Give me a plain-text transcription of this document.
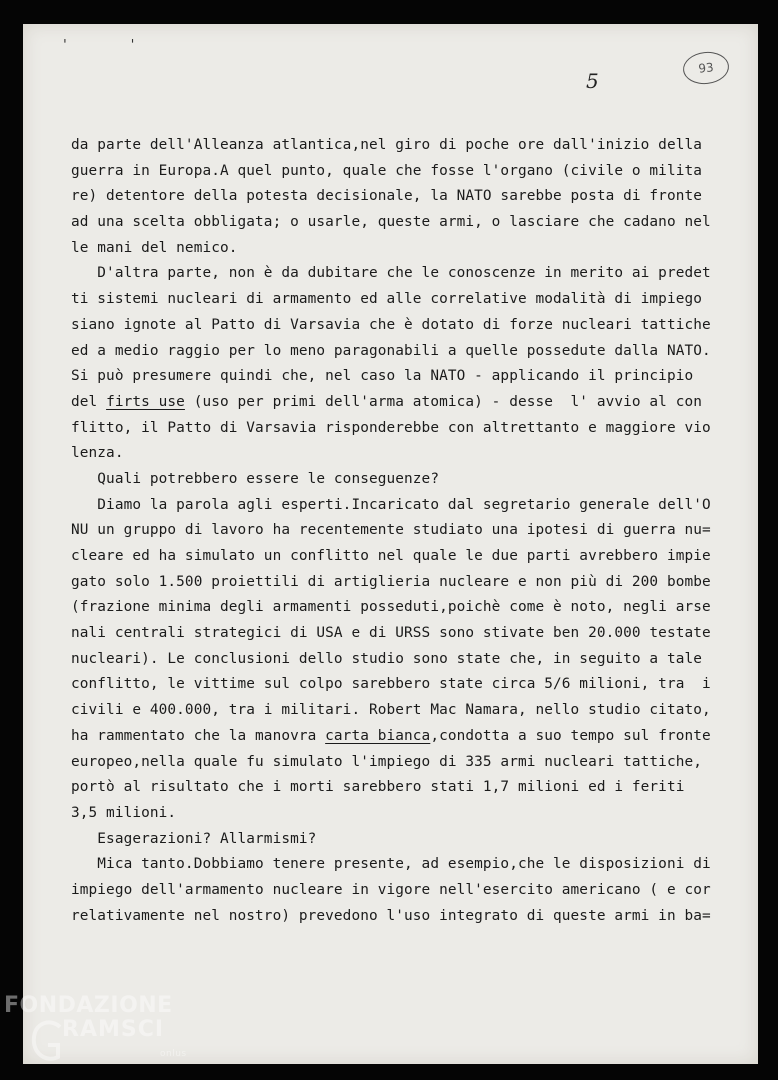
' '
5
93
da parte dell'Alleanza atlantica,nel giro di poche ore dall'inizio della
guerra in Europa.A quel punto, quale che fosse l'organo (civile o milita
re) detentore della potesta decisionale, la NATO sarebbe posta di fronte
ad una scelta obbligata; o usarle, queste armi, o lasciare che cadano nel
le mani del nemico.
D'altra parte, non è da dubitare che le conoscenze in merito ai predet
ti sistemi nucleari di armamento ed alle correlative modalità di impiego
siano ignote al Patto di Varsavia che è dotato di forze nucleari tattiche
ed a medio raggio per lo meno paragonabili a quelle possedute dalla NATO.
Si può presumere quindi che, nel caso la NATO - applicando il principio
del firts use (uso per primi dell'arma atomica) - desse  l' avvio al con
flitto, il Patto di Varsavia risponderebbe con altrettanto e maggiore vio
lenza.
Quali potrebbero essere le conseguenze?
Diamo la parola agli esperti.Incaricato dal segretario generale dell'O
NU un gruppo di lavoro ha recentemente studiato una ipotesi di guerra nu=
cleare ed ha simulato un conflitto nel quale le due parti avrebbero impie
gato solo 1.500 proiettili di artiglieria nucleare e non più di 200 bombe
(frazione minima degli armamenti posseduti,poichè come è noto, negli arse
nali centrali strategici di USA e di URSS sono stivate ben 20.000 testate
nucleari). Le conclusioni dello studio sono state che, in seguito a tale
conflitto, le vittime sul colpo sarebbero state circa 5/6 milioni, tra  i
civili e 400.000, tra i militari. Robert Mac Namara, nello studio citato,
ha rammentato che la manovra carta bianca,condotta a suo tempo sul fronte
europeo,nella quale fu simulato l'impiego di 335 armi nucleari tattiche,
portò al risultato che i morti sarebbero stati 1,7 milioni ed i feriti
3,5 milioni.
Esagerazioni? Allarmismi?
Mica tanto.Dobbiamo tenere presente, ad esempio,che le disposizioni di
impiego dell'armamento nucleare in vigore nell'esercito americano ( e cor
relativamente nel nostro) prevedono l'uso integrato di queste armi in ba=
FONDAZIONE
RAMSCI
onlus
